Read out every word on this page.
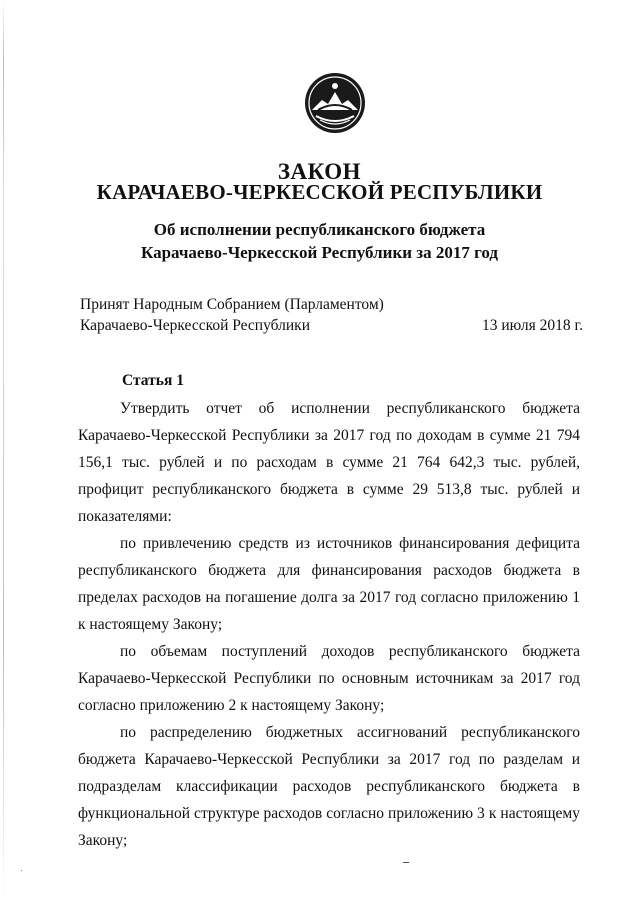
ЗАКОН
КАРАЧАЕВО-ЧЕРКЕССКОЙ РЕСПУБЛИКИ
Об исполнении республиканского бюджета
Карачаево-Черкесской Республики за 2017 год
Принят Народным Собранием (Парламентом)
Карачаево-Черкесской Республики	13 июля 2018 г.
Статья 1

Утвердить отчет об исполнении республиканского бюджета Карачаево-Черкесской Республики за 2017 год по доходам в сумме 21 794 156,1 тыс. рублей и по расходам в сумме 21 764 642,3 тыс. рублей, профицит республиканского бюджета в сумме 29 513,8 тыс. рублей и показателями:

по привлечению средств из источников финансирования дефицита республиканского бюджета для финансирования расходов бюджета в пределах расходов на погашение долга за 2017 год согласно приложению 1 к настоящему Закону;

по объемам поступлений доходов республиканского бюджета Карачаево-Черкесской Республики по основным источникам за 2017 год согласно приложению 2 к настоящему Закону;

по распределению бюджетных ассигнований республиканского бюджета Карачаево-Черкесской Республики за 2017 год по разделам и подразделам классификации расходов республиканского бюджета в функциональной структуре расходов согласно приложению 3 к настоящему Закону;
